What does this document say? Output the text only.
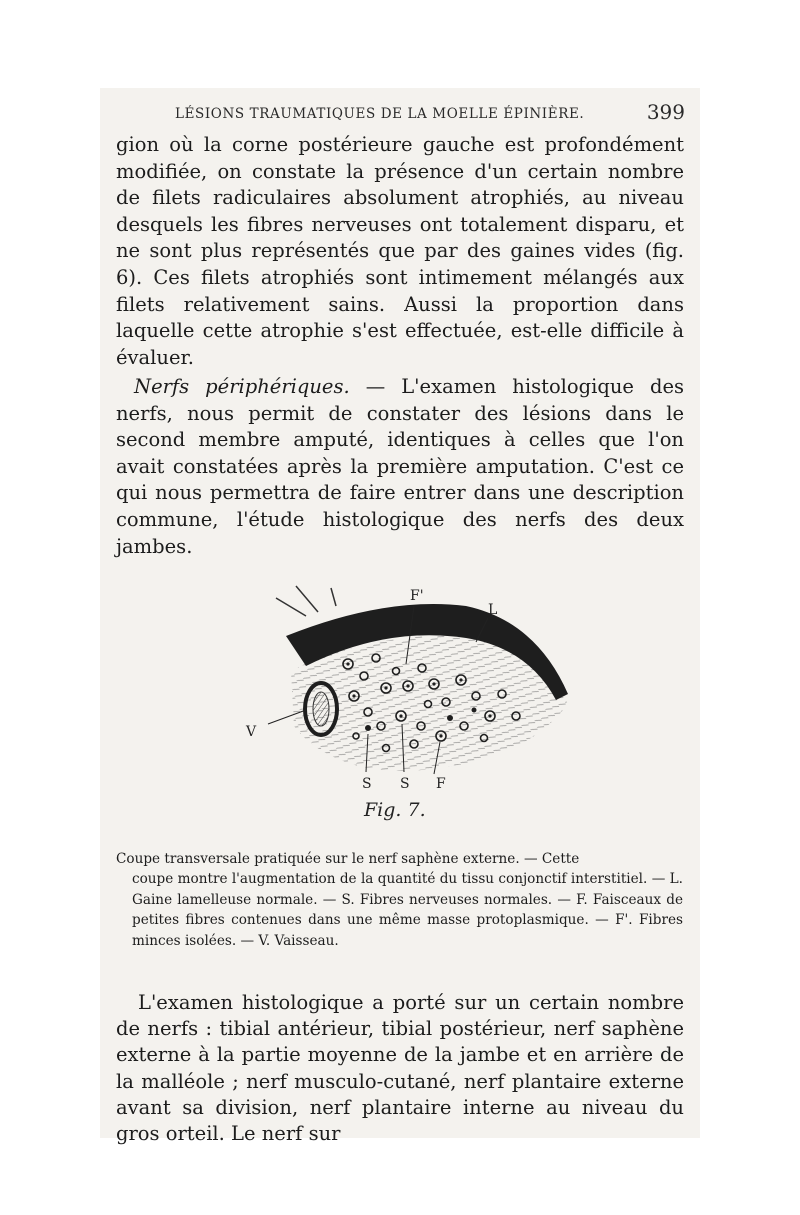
LÉSIONS TRAUMATIQUES DE LA MOELLE ÉPINIÈRE.	399

gion où la corne postérieure gauche est profondément modifiée, on constate la présence d'un certain nombre de filets radiculaires absolument atrophiés, au niveau desquels les fibres nerveuses ont totalement disparu, et ne sont plus représentés que par des gaines vides (fig. 6). Ces filets atrophiés sont intimement mélangés aux filets relativement sains. Aussi la proportion dans laquelle cette atrophie s'est effectuée, est-elle difficile à évaluer.

Nerfs périphériques. — L'examen histologique des nerfs, nous permit de constater des lésions dans le second membre amputé, identiques à celles que l'on avait constatées après la première amputation. C'est ce qui nous permettra de faire entrer dans une description commune, l'étude histologique des nerfs des deux jambes.

F'
L
V
S S F
Fig. 7.

Coupe transversale pratiquée sur le nerf saphène externe. — Cette
coupe montre l'augmentation de la quantité du tissu conjonctif interstitiel. — L. Gaine lamelleuse normale. — S. Fibres nerveuses normales. — F. Faisceaux de petites fibres contenues dans une même masse protoplasmique. — F'. Fibres minces isolées. — V. Vaisseau.

L'examen histologique a porté sur un certain nombre de nerfs : tibial antérieur, tibial postérieur, nerf saphène externe à la partie moyenne de la jambe et en arrière de la malléole ; nerf musculo-cutané, nerf plantaire externe avant sa division, nerf plantaire interne au niveau du gros orteil. Le nerf sur
